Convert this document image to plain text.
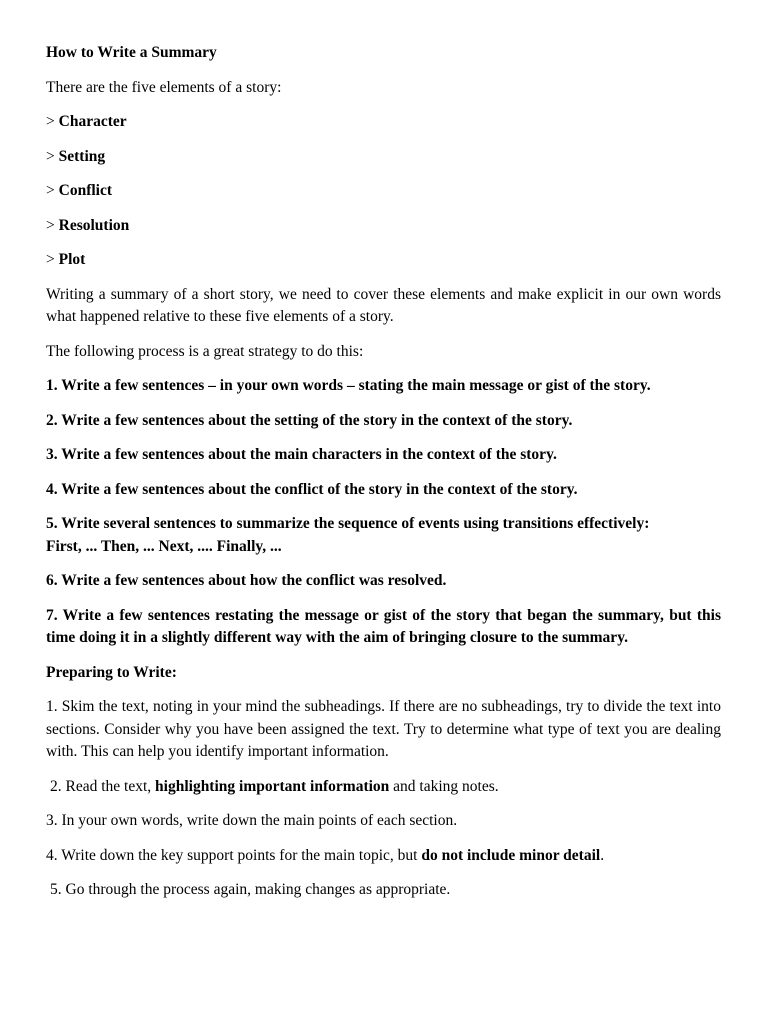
How to Write a Summary

There are the five elements of a story:

> Character

> Setting

> Conflict

> Resolution

> Plot

Writing a summary of a short story, we need to cover these elements and make explicit in our own words what happened relative to these five elements of a story.

The following process is a great strategy to do this:

1. Write a few sentences – in your own words – stating the main message or gist of the story.

2. Write a few sentences about the setting of the story in the context of the story.

3. Write a few sentences about the main characters in the context of the story.

4. Write a few sentences about the conflict of the story in the context of the story.

5. Write several sentences to summarize the sequence of events using transitions effectively:

First, ... Then, ... Next, .... Finally, ...

6. Write a few sentences about how the conflict was resolved.

7. Write a few sentences restating the message or gist of the story that began the summary, but this time doing it in a slightly different way with the aim of bringing closure to the summary.

Preparing to Write:

1. Skim the text, noting in your mind the subheadings. If there are no subheadings, try to divide the text into sections. Consider why you have been assigned the text. Try to determine what type of text you are dealing with. This can help you identify important information.

2. Read the text, highlighting important information and taking notes.

3. In your own words, write down the main points of each section.

4. Write down the key support points for the main topic, but do not include minor detail.

5. Go through the process again, making changes as appropriate.
